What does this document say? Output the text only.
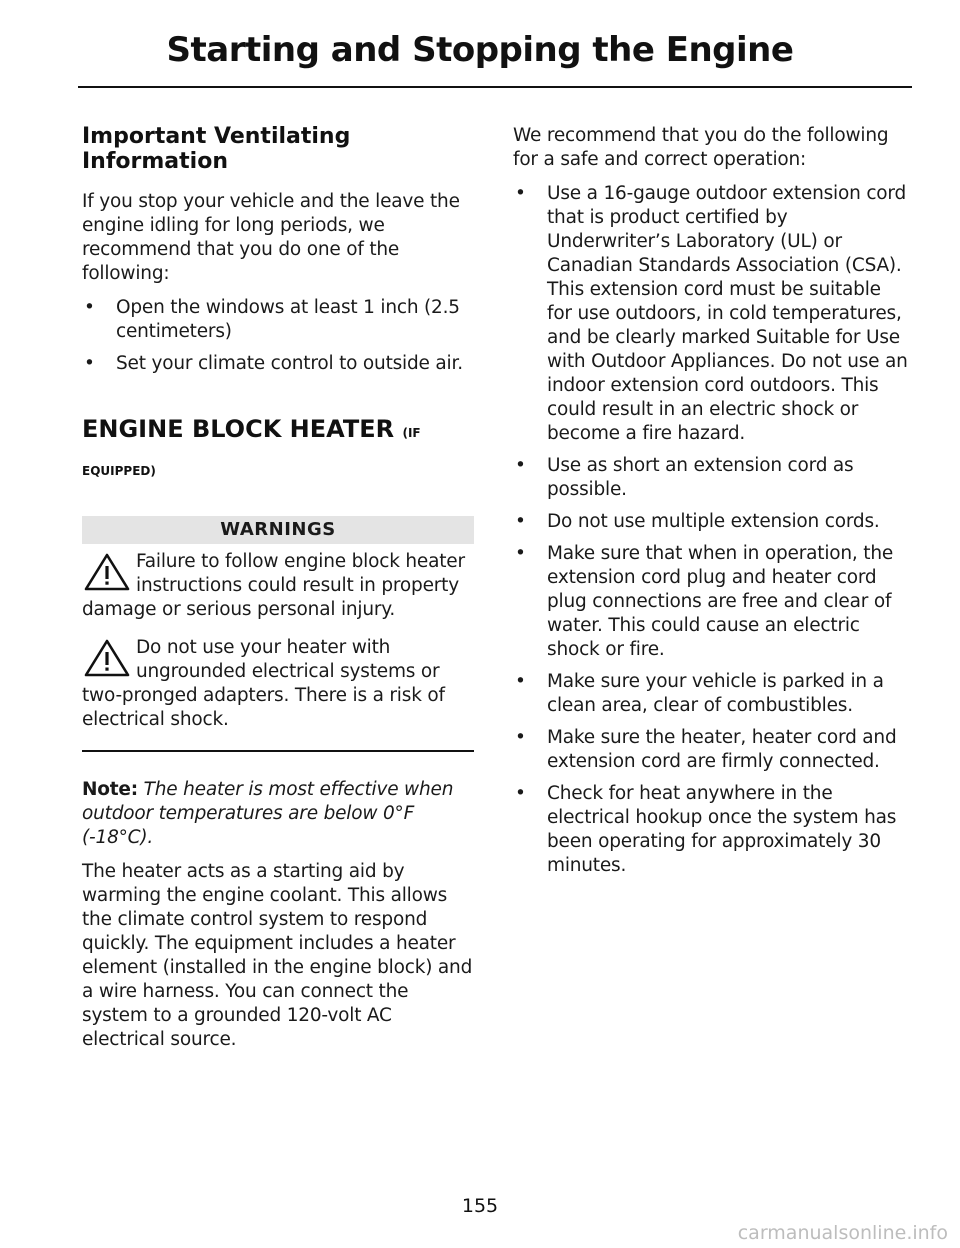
Starting and Stopping the Engine
Important Ventilating Information

If you stop your vehicle and the leave the engine idling for long periods, we recommend that you do one of the following:

• Open the windows at least 1 inch (2.5 centimeters)
• Set your climate control to outside air.
ENGINE BLOCK HEATER (IF EQUIPPED)
WARNINGS
Failure to follow engine block heater instructions could result in property damage or serious personal injury.
Do not use your heater with ungrounded electrical systems or two-pronged adapters. There is a risk of electrical shock.

Note: The heater is most effective when outdoor temperatures are below 0°F (-18°C).

The heater acts as a starting aid by warming the engine coolant. This allows the climate control system to respond quickly. The equipment includes a heater element (installed in the engine block) and a wire harness. You can connect the system to a grounded 120-volt AC electrical source.

We recommend that you do the following for a safe and correct operation:

• Use a 16-gauge outdoor extension cord that is product certified by Underwriter’s Laboratory (UL) or Canadian Standards Association (CSA). This extension cord must be suitable for use outdoors, in cold temperatures, and be clearly marked Suitable for Use with Outdoor Appliances. Do not use an indoor extension cord outdoors. This could result in an electric shock or become a fire hazard.
• Use as short an extension cord as possible.
• Do not use multiple extension cords.
• Make sure that when in operation, the extension cord plug and heater cord plug connections are free and clear of water. This could cause an electric shock or fire.
• Make sure your vehicle is parked in a clean area, clear of combustibles.
• Make sure the heater, heater cord and extension cord are firmly connected.
• Check for heat anywhere in the electrical hookup once the system has been operating for approximately 30 minutes.
155
carmanualsonline.info
